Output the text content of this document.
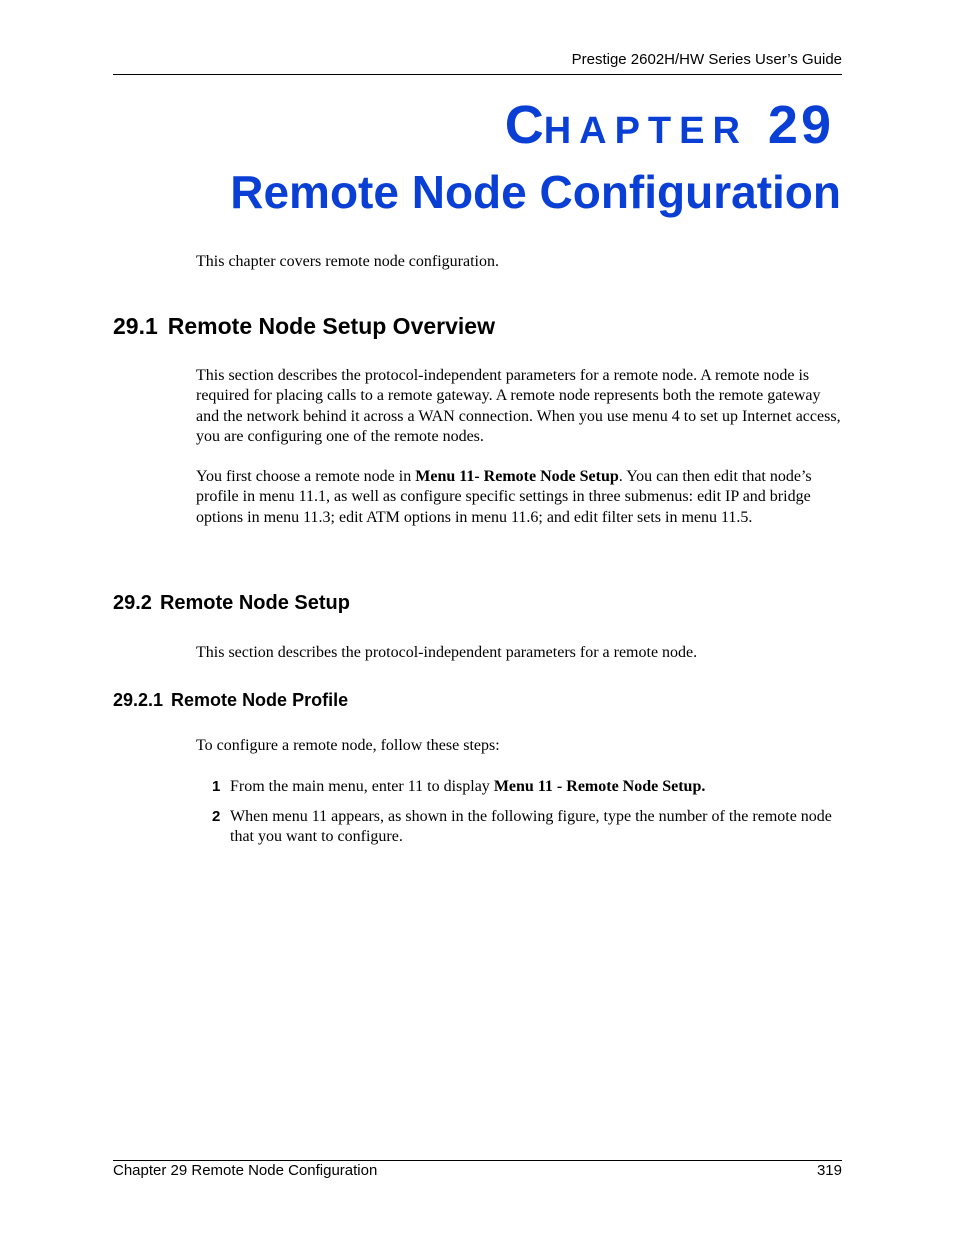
Prestige 2602H/HW Series User’s Guide
CHAPTER 29
Remote Node Configuration
This chapter covers remote node configuration.
29.1 Remote Node Setup Overview
This section describes the protocol-independent parameters for a remote node. A remote node is required for placing calls to a remote gateway. A remote node represents both the remote gateway and the network behind it across a WAN connection. When you use menu 4 to set up Internet access, you are configuring one of the remote nodes.
You first choose a remote node in Menu 11- Remote Node Setup. You can then edit that node’s profile in menu 11.1, as well as configure specific settings in three submenus: edit IP and bridge options in menu 11.3; edit ATM options in menu 11.6; and edit filter sets in menu 11.5.
29.2 Remote Node Setup
This section describes the protocol-independent parameters for a remote node.
29.2.1 Remote Node Profile
To configure a remote node, follow these steps:
1 From the main menu, enter 11 to display Menu 11 - Remote Node Setup.
2 When menu 11 appears, as shown in the following figure, type the number of the remote node that you want to configure.
Chapter 29 Remote Node Configuration	319
